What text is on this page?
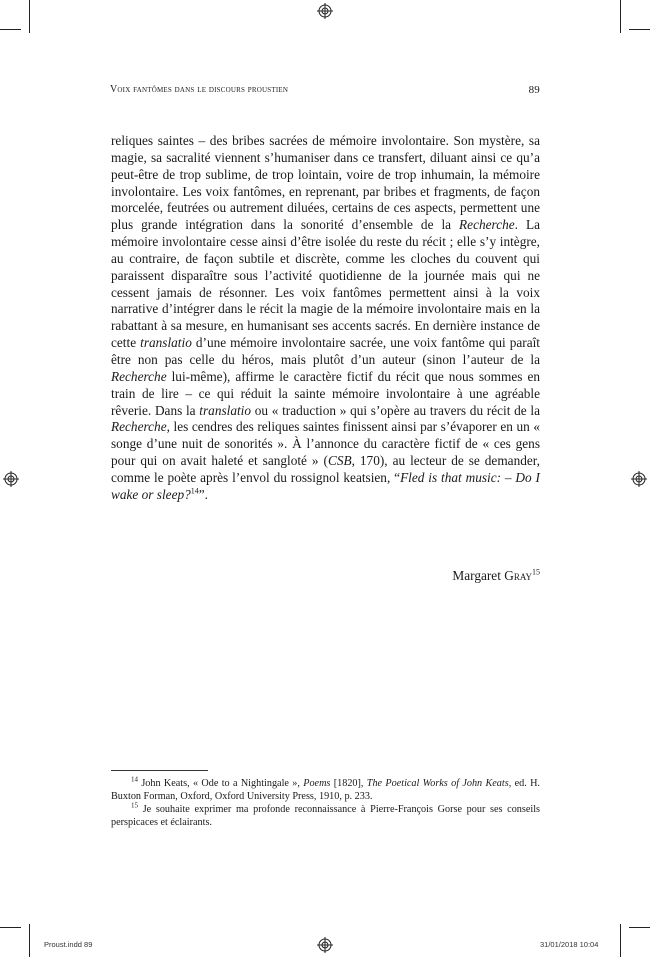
Voix fantômes dans le discours proustien	89
reliques saintes – des bribes sacrées de mémoire involontaire. Son mystère, sa magie, sa sacralité viennent s’humaniser dans ce transfert, diluant ainsi ce qu’a peut-être de trop sublime, de trop lointain, voire de trop inhumain, la mémoire involontaire. Les voix fantômes, en reprenant, par bribes et fragments, de façon morcelée, feutrées ou autrement diluées, certains de ces aspects, permettent une plus grande intégration dans la sonorité d’ensemble de la Recherche. La mémoire involontaire cesse ainsi d’être isolée du reste du récit ; elle s’y intègre, au contraire, de façon subtile et discrète, comme les cloches du couvent qui paraissent disparaître sous l’activité quotidienne de la journée mais qui ne cessent jamais de résonner. Les voix fantômes permettent ainsi à la voix narrative d’intégrer dans le récit la magie de la mémoire involontaire mais en la rabattant à sa mesure, en humanisant ses accents sacrés. En dernière instance de cette translatio d’une mémoire involontaire sacrée, une voix fantôme qui paraît être non pas celle du héros, mais plutôt d’un auteur (sinon l’auteur de la Recherche lui-même), affirme le caractère fictif du récit que nous sommes en train de lire – ce qui réduit la sainte mémoire involontaire à une agréable rêverie. Dans la translatio ou « traduction » qui s’opère au travers du récit de la Recherche, les cendres des reliques saintes finissent ainsi par s’évaporer en un « songe d’une nuit de sonorités ». À l’annonce du caractère fictif de « ces gens pour qui on avait haleté et sangloté » (CSB, 170), au lecteur de se demander, comme le poète après l’envol du rossignol keatsien, “Fled is that music: – Do I wake or sleep?$^{14}$”.
Margaret Gray$^{15}$

$^{14}$ John Keats, « Ode to a Nightingale », Poems [1820], The Poetical Works of John Keats, ed. H. Buxton Forman, Oxford, Oxford University Press, 1910, p. 233.

$^{15}$ Je souhaite exprimer ma profonde reconnaissance à Pierre-François Gorse pour ses conseils perspicaces et éclairants.

Proust.indd 89	31/01/2018 10:04
